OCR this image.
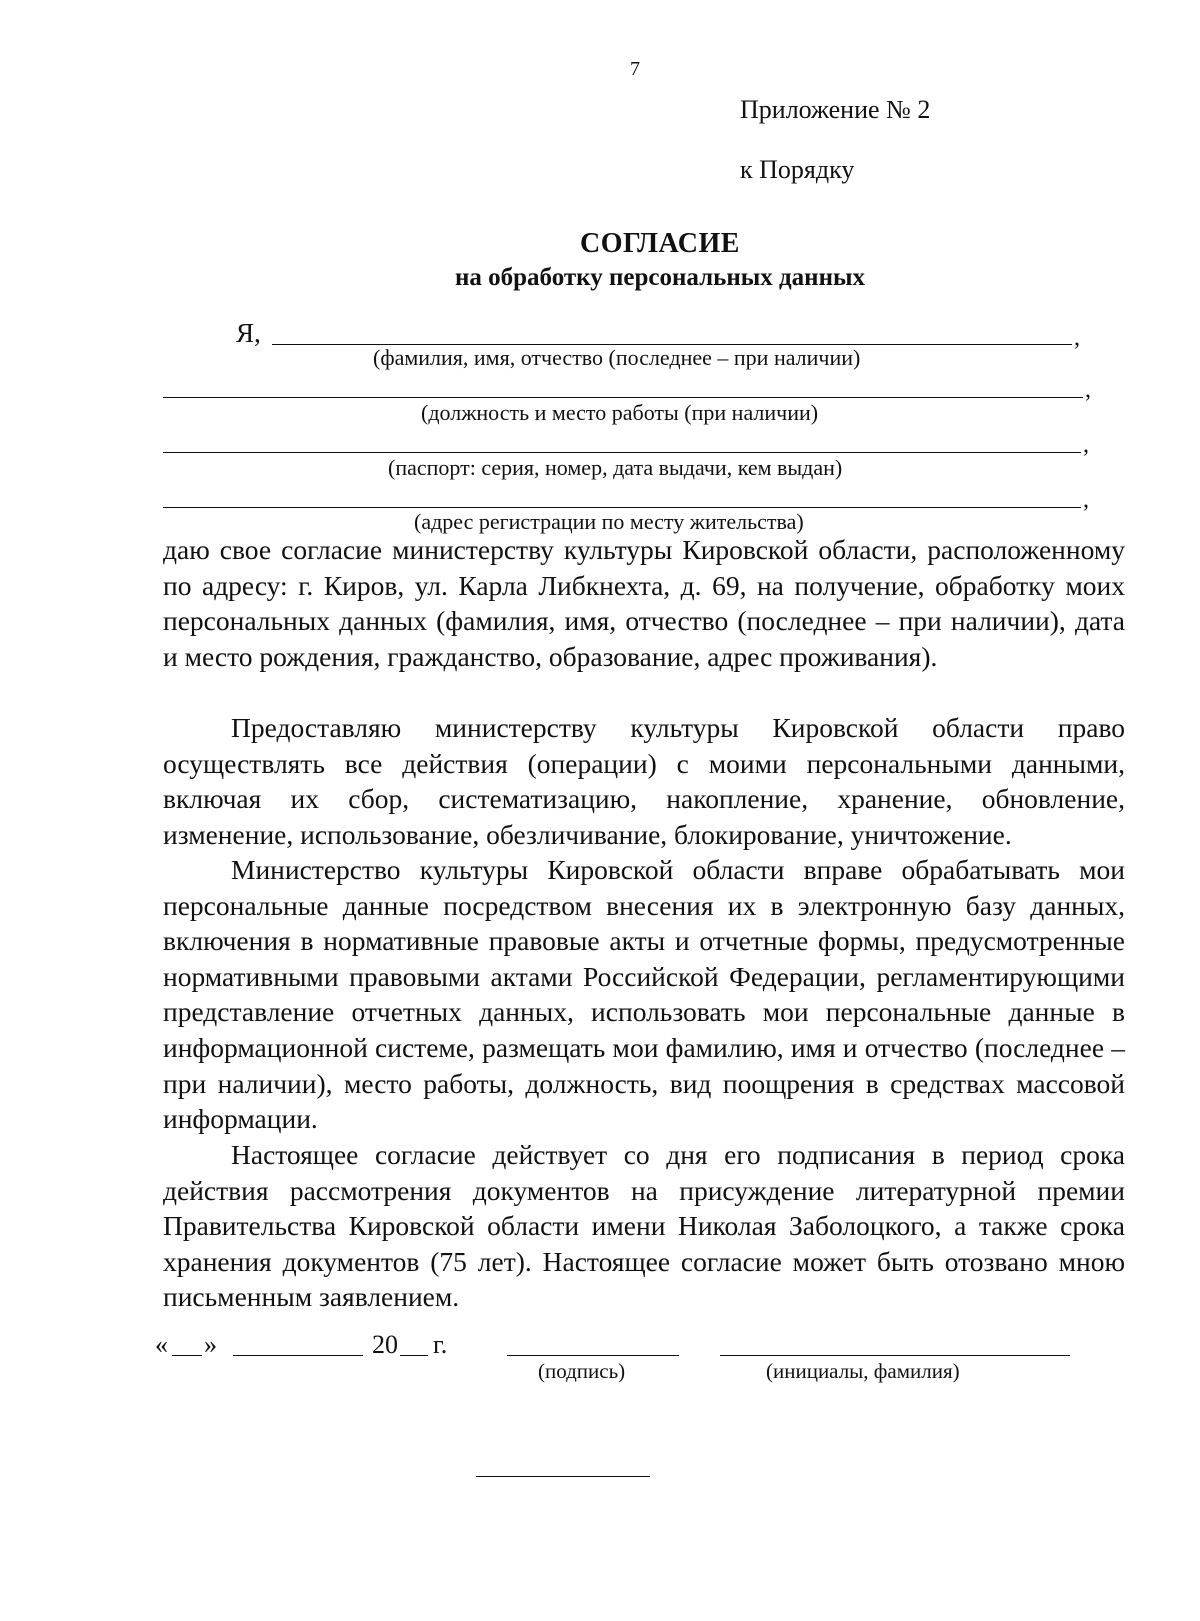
7
Приложение № 2
к Порядку
СОГЛАСИЕ
на обработку персональных данных
Я,	,
(фамилия, имя, отчество (последнее – при наличии)
,
(должность и место работы (при наличии)
,
(паспорт: серия, номер, дата выдачи, кем выдан)
,
(адрес регистрации по месту жительства)
даю свое согласие министерству культуры Кировской области, расположенному по адресу: г. Киров, ул. Карла Либкнехта, д. 69, на получение, обработку моих персональных данных (фамилия, имя, отчество (последнее – при наличии), дата и место рождения, гражданство, образование, адрес проживания).
Предоставляю министерству культуры Кировской области право осуществлять все действия (операции) с моими персональными данными, включая их сбор, систематизацию, накопление, хранение, обновление, изменение, использование, обезличивание, блокирование, уничтожение.
Министерство культуры Кировской области вправе обрабатывать мои персональные данные посредством внесения их в электронную базу данных, включения в нормативные правовые акты и отчетные формы, предусмотренные нормативными правовыми актами Российской Федерации, регламентирующими представление отчетных данных, использовать мои персональные данные в информационной системе, размещать мои фамилию, имя и отчество (последнее – при наличии), место работы, должность, вид поощрения в средствах массовой информации.
Настоящее согласие действует со дня его подписания в период срока действия рассмотрения документов на присуждение литературной премии Правительства Кировской области имени Николая Заболоцкого, а также срока хранения документов (75 лет). Настоящее согласие может быть отозвано мною письменным заявлением.
« »	20 г.
(подпись)	(инициалы, фамилия)
